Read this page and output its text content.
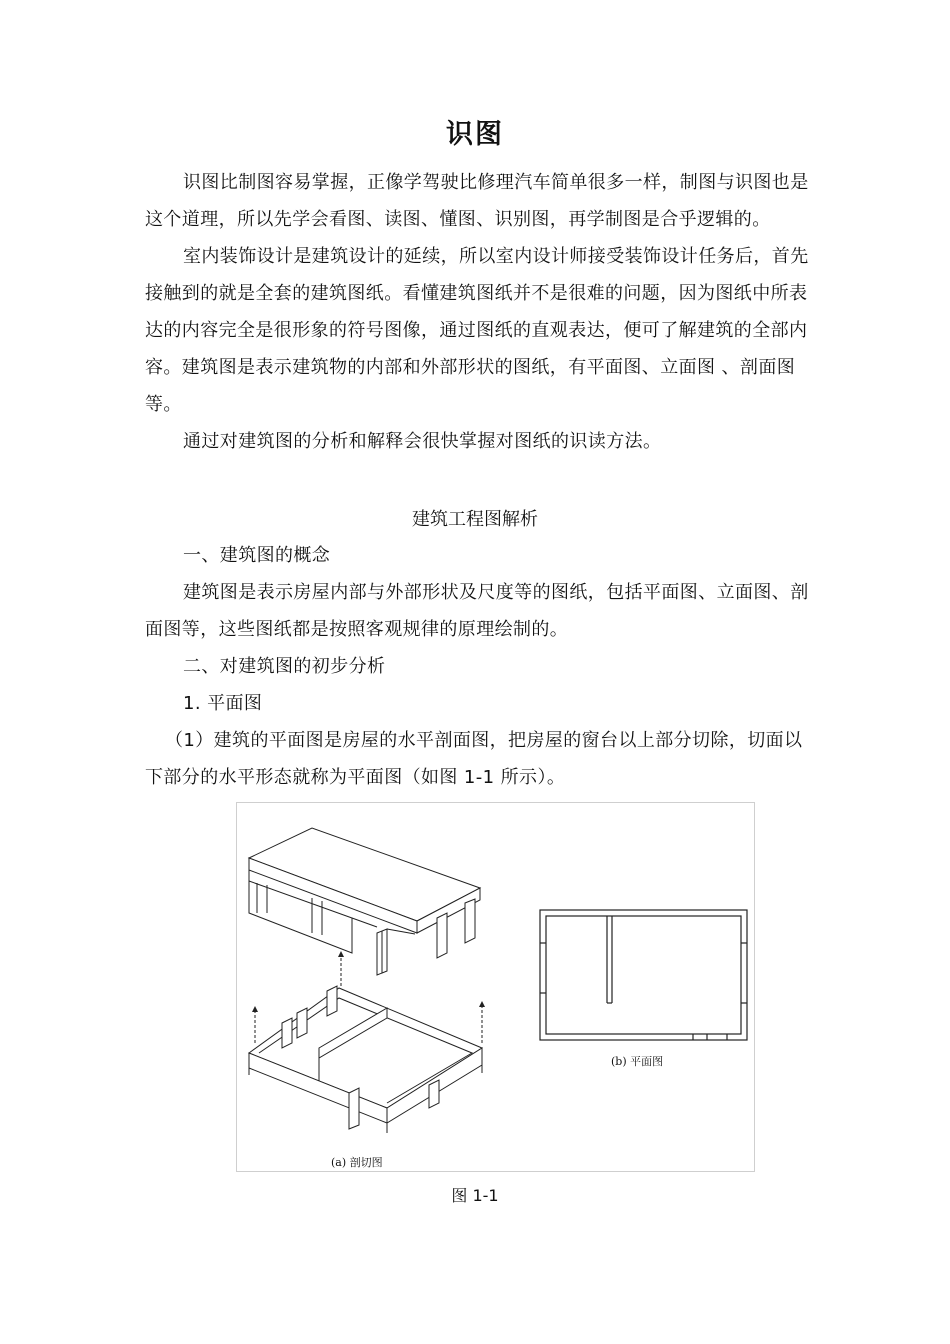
识图
识图比制图容易掌握，正像学驾驶比修理汽车简单很多一样，制图与识图也是这个道理，所以先学会看图、读图、懂图、识别图，再学制图是合乎逻辑的。
室内装饰设计是建筑设计的延续，所以室内设计师接受装饰设计任务后，首先接触到的就是全套的建筑图纸。看懂建筑图纸并不是很难的问题，因为图纸中所表达的内容完全是很形象的符号图像，通过图纸的直观表达，便可了解建筑的全部内容。建筑图是表示建筑物的内部和外部形状的图纸，有平面图、立面图 、剖面图等。
通过对建筑图的分析和解释会很快掌握对图纸的识读方法。
建筑工程图解析
一、建筑图的概念
建筑图是表示房屋内部与外部形状及尺度等的图纸，包括平面图、立面图、剖面图等，这些图纸都是按照客观规律的原理绘制的。
二、对建筑图的初步分析
1. 平面图
（1）建筑的平面图是房屋的水平剖面图，把房屋的窗台以上部分切除，切面以下部分的水平形态就称为平面图（如图 1-1 所示）。
(a) 剖切图
(b) 平面图
图 1-1
